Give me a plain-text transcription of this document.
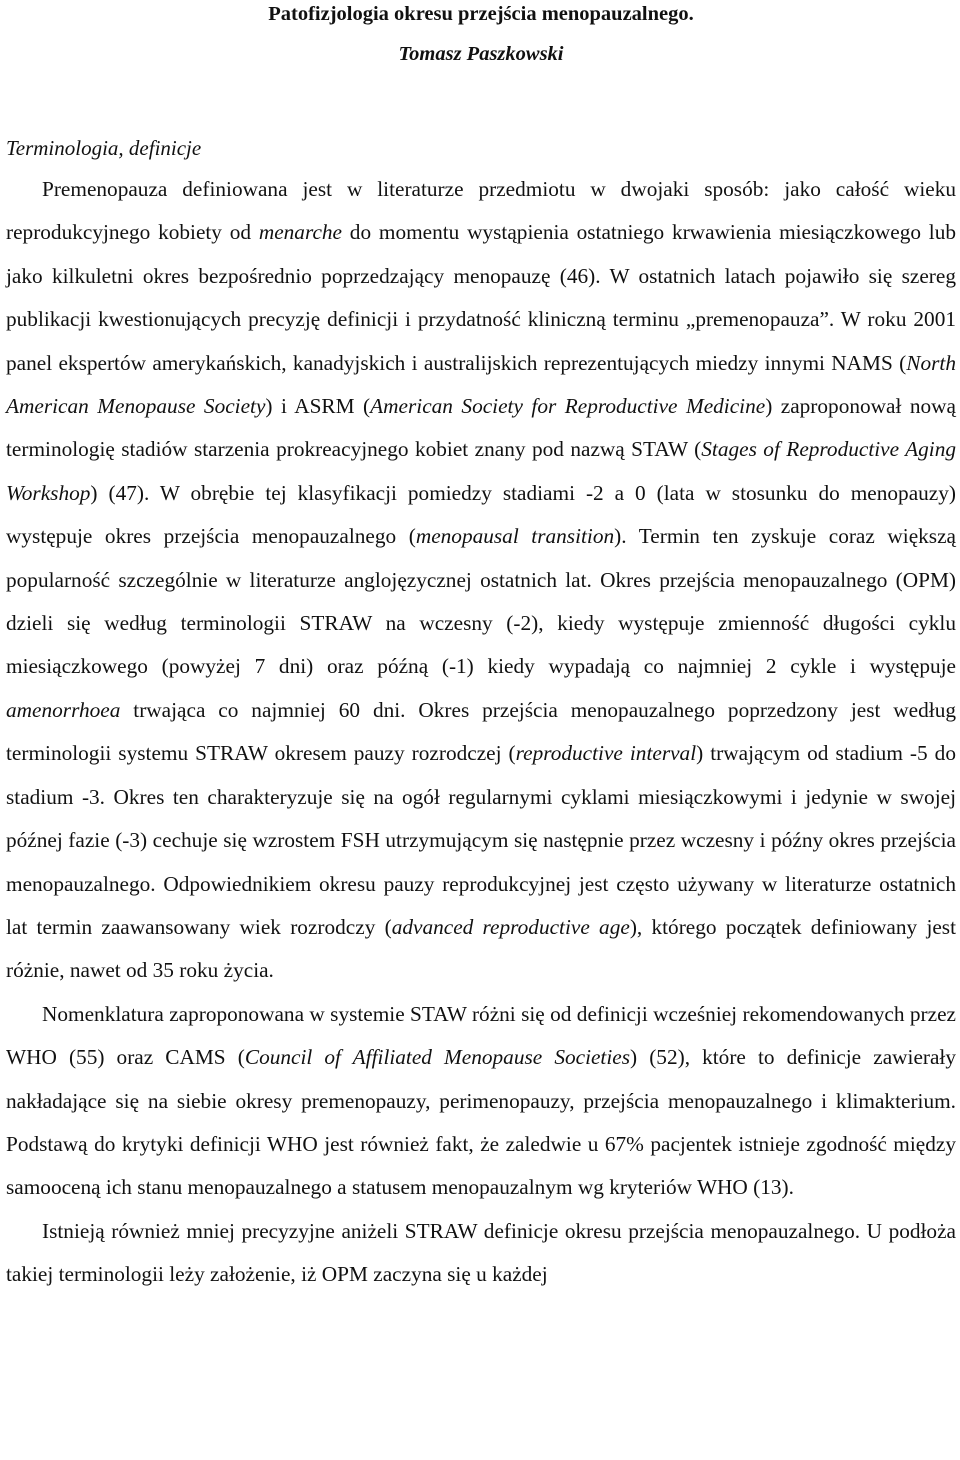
Patofizjologia okresu przejścia menopauzalnego.
Tomasz Paszkowski
Terminologia, definicje

Premenopauza definiowana jest w literaturze przedmiotu w dwojaki sposób: jako całość wieku reprodukcyjnego kobiety od menarche do momentu wystąpienia ostatniego krwawienia miesiączkowego lub jako kilkuletni okres bezpośrednio poprzedzający menopauzę (46). W ostatnich latach pojawiło się szereg publikacji kwestionujących precyzję definicji i przydatność kliniczną terminu „premenopauza”. W roku 2001 panel ekspertów amerykańskich, kanadyjskich i australijskich reprezentujących miedzy innymi NAMS (North American Menopause Society) i ASRM (American Society for Reproductive Medicine) zaproponował nową terminologię stadiów starzenia prokreacyjnego kobiet znany pod nazwą STAW (Stages of Reproductive Aging Workshop) (47). W obrębie tej klasyfikacji pomiedzy stadiami -2 a 0 (lata w stosunku do menopauzy) występuje okres przejścia menopauzalnego (menopausal transition). Termin ten zyskuje coraz większą popularność szczególnie w literaturze anglojęzycznej ostatnich lat. Okres przejścia menopauzalnego (OPM) dzieli się według terminologii STRAW na wczesny (-2), kiedy występuje zmienność długości cyklu miesiączkowego (powyżej 7 dni) oraz późną (-1) kiedy wypadają co najmniej 2 cykle i występuje amenorrhoea trwająca co najmniej 60 dni. Okres przejścia menopauzalnego poprzedzony jest według terminologii systemu STRAW okresem pauzy rozrodczej (reproductive interval) trwającym od stadium -5 do stadium -3. Okres ten charakteryzuje się na ogół regularnymi cyklami miesiączkowymi i jedynie w swojej późnej fazie (-3) cechuje się wzrostem FSH utrzymującym się następnie przez wczesny i późny okres przejścia menopauzalnego. Odpowiednikiem okresu pauzy reprodukcyjnej jest często używany w literaturze ostatnich lat termin zaawansowany wiek rozrodczy (advanced reproductive age), którego początek definiowany jest różnie, nawet od 35 roku życia.

Nomenklatura zaproponowana w systemie STAW różni się od definicji wcześniej rekomendowanych przez WHO (55) oraz CAMS (Council of Affiliated Menopause Societies) (52), które to definicje zawierały nakładające się na siebie okresy premenopauzy, perimenopauzy, przejścia menopauzalnego i klimakterium. Podstawą do krytyki definicji WHO jest również fakt, że zaledwie u 67% pacjentek istnieje zgodność między samooceną ich stanu menopauzalnego a statusem menopauzalnym wg kryteriów WHO (13).

Istnieją również mniej precyzyjne aniżeli STRAW definicje okresu przejścia menopauzalnego. U podłoża takiej terminologii leży założenie, iż OPM zaczyna się u każdej
